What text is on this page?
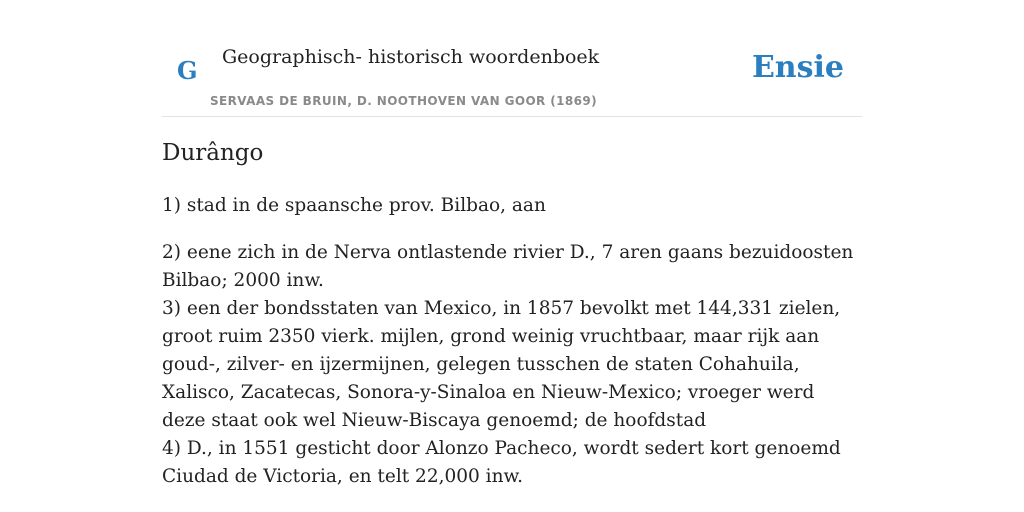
G Geographisch- historisch woordenboek
SERVAAS DE BRUIN, D. NOOTHOVEN VAN GOOR (1869)
Ensie
Durângo

1) stad in de spaansche prov. Bilbao, aan

2) eene zich in de Nerva ontlastende rivier D., 7 aren gaans bezuidoosten Bilbao; 2000 inw.

3) een der bondsstaten van Mexico, in 1857 bevolkt met 144,331 zielen, groot ruim 2350 vierk. mijlen, grond weinig vruchtbaar, maar rijk aan goud-, zilver- en ijzermijnen, gelegen tusschen de staten Cohahuila, Xalisco, Zacatecas, Sonora-y-Sinaloa en Nieuw-Mexico; vroeger werd deze staat ook wel Nieuw-Biscaya genoemd; de hoofdstad

4) D., in 1551 gesticht door Alonzo Pacheco, wordt sedert kort genoemd Ciudad de Victoria, en telt 22,000 inw.
